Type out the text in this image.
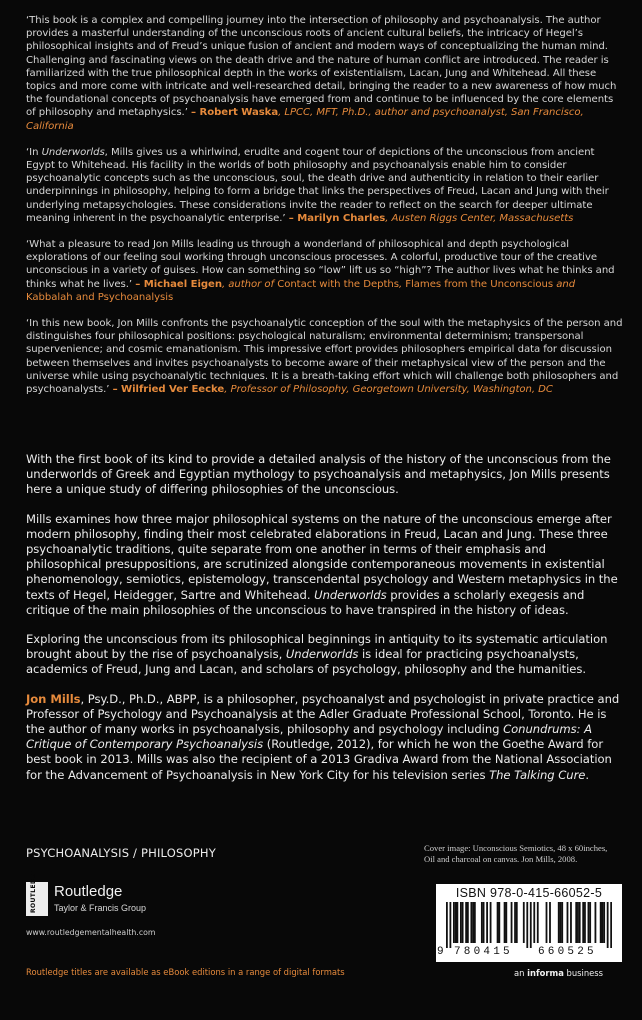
‘This book is a complex and compelling journey into the intersection of philosophy and psychoanalysis. The author provides a masterful understanding of the unconscious roots of ancient cultural beliefs, the intricacy of Hegel’s philosophical insights and of Freud’s unique fusion of ancient and modern ways of conceptualizing the human mind. Challenging and fascinating views on the death drive and the nature of human conflict are introduced. The reader is familiarized with the true philosophical depth in the works of existentialism, Lacan, Jung and Whitehead. All these topics and more come with intricate and well-researched detail, bringing the reader to a new awareness of how much the foundational concepts of psychoanalysis have emerged from and continue to be influenced by the core elements of philosophy and metaphysics.’ – Robert Waska, LPCC, MFT, Ph.D., author and psychoanalyst, San Francisco, California

‘In Underworlds, Mills gives us a whirlwind, erudite and cogent tour of depictions of the unconscious from ancient Egypt to Whitehead. His facility in the worlds of both philosophy and psychoanalysis enable him to consider psychoanalytic concepts such as the unconscious, soul, the death drive and authenticity in relation to their earlier underpinnings in philosophy, helping to form a bridge that links the perspectives of Freud, Lacan and Jung with their underlying metapsychologies. These considerations invite the reader to reflect on the search for deeper ultimate meaning inherent in the psychoanalytic enterprise.’ – Marilyn Charles, Austen Riggs Center, Massachusetts

‘What a pleasure to read Jon Mills leading us through a wonderland of philosophical and depth psychological explorations of our feeling soul working through unconscious processes. A colorful, productive tour of the creative unconscious in a variety of guises. How can something so “low” lift us so “high”? The author lives what he thinks and thinks what he lives.’ – Michael Eigen, author of Contact with the Depths, Flames from the Unconscious and Kabbalah and Psychoanalysis

‘In this new book, Jon Mills confronts the psychoanalytic conception of the soul with the metaphysics of the person and distinguishes four philosophical positions: psychological naturalism; environmental determinism; transpersonal supervenience; and cosmic emanationism. This impressive effort provides philosophers empirical data for discussion between themselves and invites psychoanalysts to become aware of their metaphysical view of the person and the universe while using psychoanalytic techniques. It is a breath-taking effort which will challenge both philosophers and psychoanalysts.’ – Wilfried Ver Eecke, Professor of Philosophy, Georgetown University, Washington, DC

With the first book of its kind to provide a detailed analysis of the history of the unconscious from the underworlds of Greek and Egyptian mythology to psychoanalysis and metaphysics, Jon Mills presents here a unique study of differing philosophies of the unconscious.

Mills examines how three major philosophical systems on the nature of the unconscious emerge after modern philosophy, finding their most celebrated elaborations in Freud, Lacan and Jung. These three psychoanalytic traditions, quite separate from one another in terms of their emphasis and philosophical presuppositions, are scrutinized alongside contemporaneous movements in existential phenomenology, semiotics, epistemology, transcendental psychology and Western metaphysics in the texts of Hegel, Heidegger, Sartre and Whitehead. Underworlds provides a scholarly exegesis and critique of the main philosophies of the unconscious to have transpired in the history of ideas.

Exploring the unconscious from its philosophical beginnings in antiquity to its systematic articulation brought about by the rise of psychoanalysis, Underworlds is ideal for practicing psychoanalysts, academics of Freud, Jung and Lacan, and scholars of psychology, philosophy and the humanities.

Jon Mills, Psy.D., Ph.D., ABPP, is a philosopher, psychoanalyst and psychologist in private practice and Professor of Psychology and Psychoanalysis at the Adler Graduate Professional School, Toronto. He is the author of many works in psychoanalysis, philosophy and psychology including Conundrums: A Critique of Contemporary Psychoanalysis (Routledge, 2012), for which he won the Goethe Award for best book in 2013. Mills was also the recipient of a 2013 Gradiva Award from the National Association for the Advancement of Psychoanalysis in New York City for his television series The Talking Cure.

PSYCHOANALYSIS / PHILOSOPHY	Cover image: Unconscious Semiotics, 48 x 60inches,
Oil and charcoal on canvas. Jon Mills, 2008.
ROUTLEDGE Routledge
Taylor & Francis Group
www.routledgementalhealth.com
ISBN 978-0-415-66052-5
9 780415 660525
Routledge titles are available as eBook editions in a range of digital formats	an informa business
